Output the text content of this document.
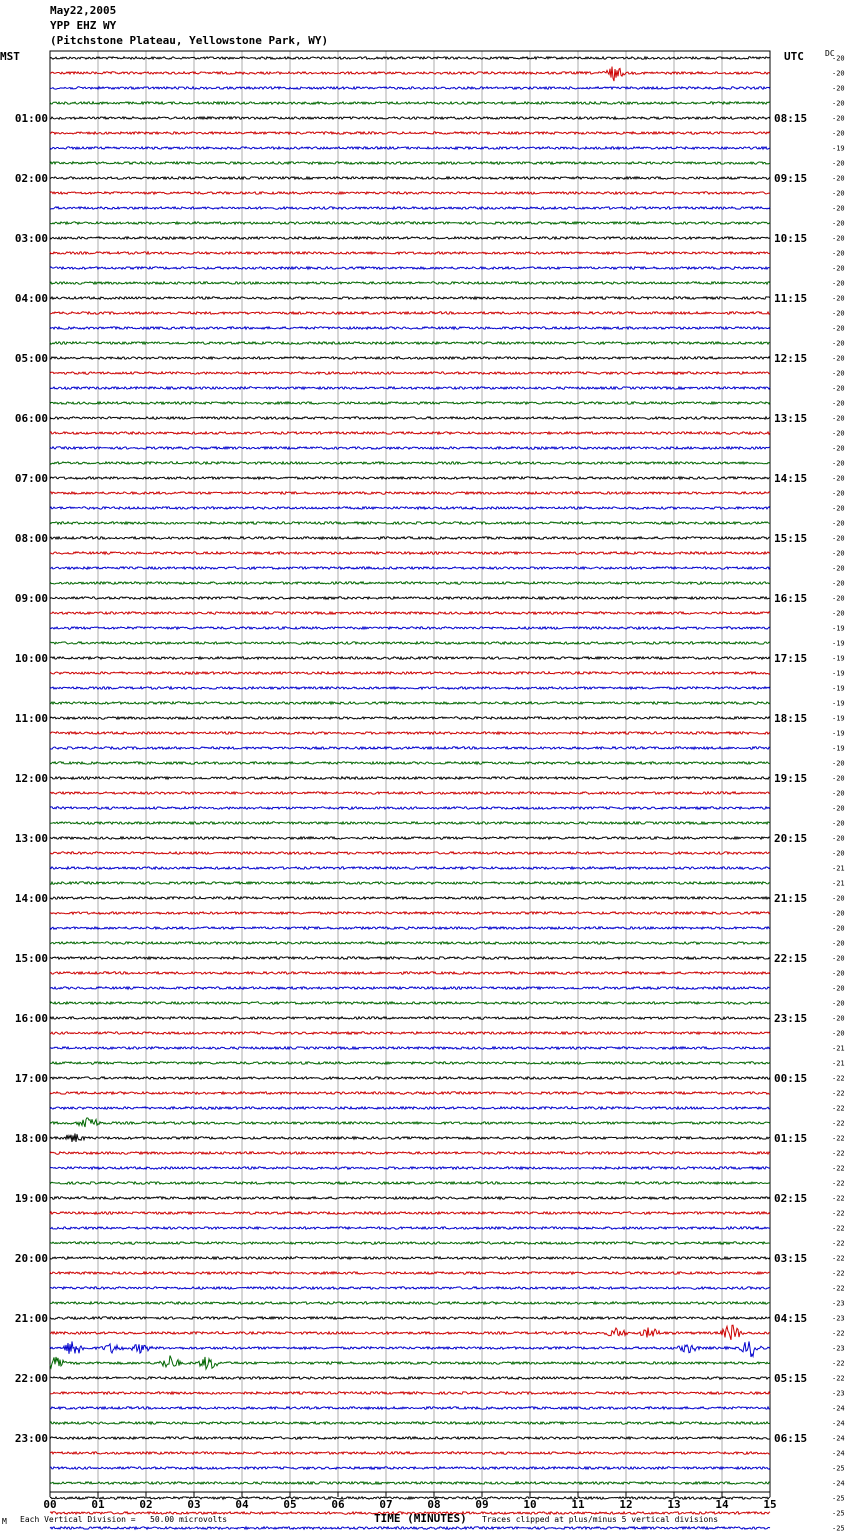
May22,2005
YPP EHZ WY
(Pitchstone Plateau, Yellowstone Park, WY)
MST	UTC	DC
-20
-20
-20
-20
-20
-20
-19
-20
-20
-20
-20
-20
-20
-20
-20
-20
-20
-20
-20
-20
-20
-20
-20
-20
-20
-20
-20
-20
-20
-20
-20
-20
-20
-20
-20
-20
-20
-20
-19
-19
-19
-19
-19
-19
-19
-19
-19
-20
-20
-20
-20
-20
-20
-20
-21
-21
-20
-20
-20
-20
-20
-20
-20
-20
-20
-20
-21
-21
-22
-22
-22
-22
-22
-22
-22
-22
-22
-22
-22
-22
-22
-22
-22
-23
-23
-22
-23
-22
-22
-23
-24
-24
-24
-24
-25
-24
-25
-25
-25
01:00
02:00
03:00
04:00
05:00
06:00
07:00
08:00
09:00
10:00
11:00
12:00
13:00
14:00
15:00
16:00
17:00
18:00
19:00
20:00
21:00
22:00
23:00
08:15
09:15
10:15
11:15
12:15
13:15
14:15
15:15
16:15
17:15
18:15
19:15
20:15
21:15
22:15
23:15
00:15
01:15
02:15
03:15
04:15
05:15
06:15
00	01	02	03	04	05	06	07	08	09	10	11	12	13	14	15
M Each Vertical Division =   50.00 microvolts	TIME (MINUTES) Traces clipped at plus/minus 5 vertical divisions
